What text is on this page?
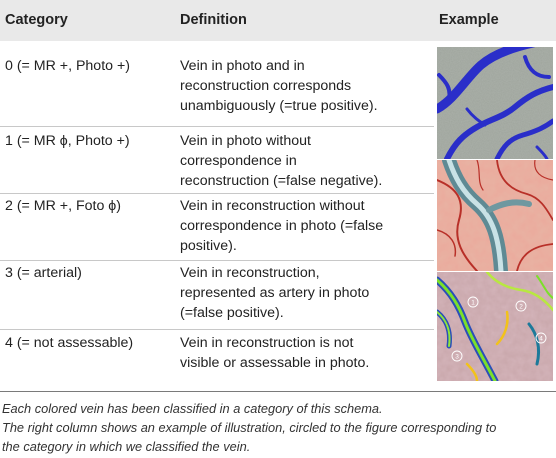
Category	Definition	Example
0 (= MR +, Photo +)	Vein in photo and in
reconstruction corresponds
unambiguously (=true positive).
1 (= MR ϕ, Photo +)	Vein in photo without
correspondence in
reconstruction (=false negative).
2 (= MR +, Foto ϕ)	Vein in reconstruction without
correspondence in photo (=false
positive).
3 (= arterial)	Vein in reconstruction,
represented as artery in photo
(=false positive).
4 (= not assessable)	Vein in reconstruction is not
visible or assessable in photo.
1
2
3
4
Each colored vein has been classified in a category of this schema.
The right column shows an example of illustration, circled to the figure corresponding to
the category in which we classified the vein.
